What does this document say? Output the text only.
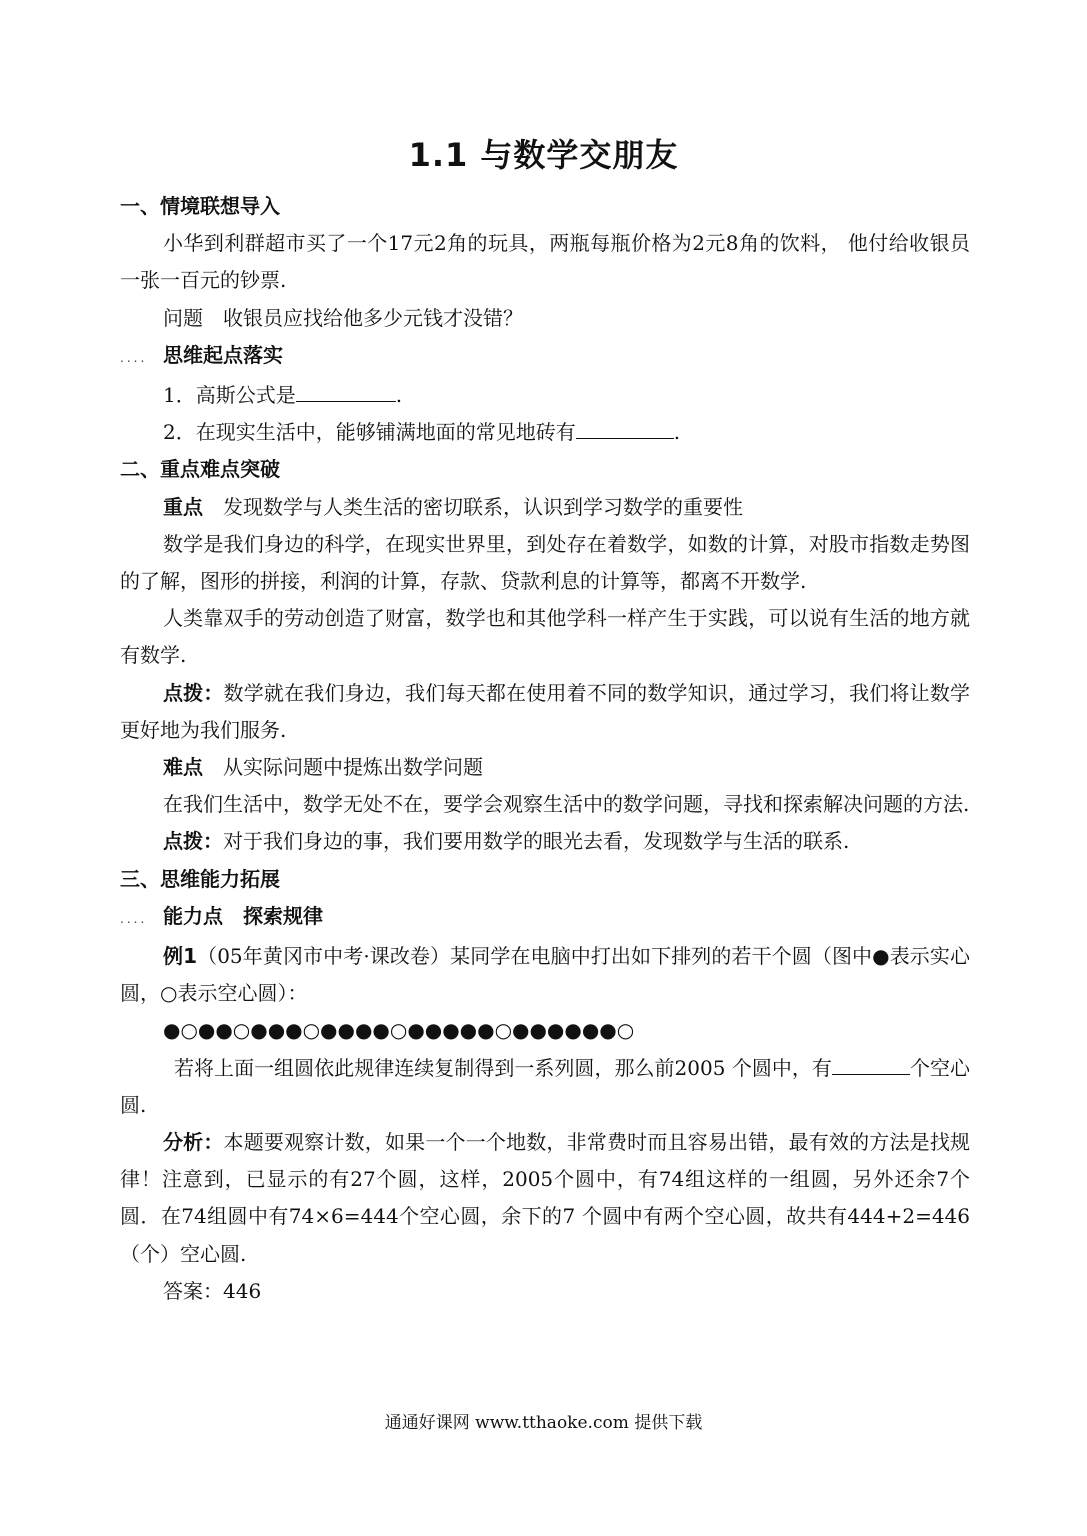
1.1 与数学交朋友

一、情境联想导入

小华到利群超市买了一个17元2角的玩具，两瓶每瓶价格为2元8角的饮料， 他付给收银员一张一百元的钞票.

问题　收银员应找给他多少元钱才没错？

.... 思维起点落实

1．高斯公式是	.

2．在现实生活中，能够铺满地面的常见地砖有	.

二、重点难点突破

重点　发现数学与人类生活的密切联系，认识到学习数学的重要性

数学是我们身边的科学，在现实世界里，到处存在着数学，如数的计算，对股市指数走势图的了解，图形的拼接，利润的计算，存款、贷款利息的计算等，都离不开数学.

人类靠双手的劳动创造了财富，数学也和其他学科一样产生于实践，可以说有生活的地方就有数学.

点拨：数学就在我们身边，我们每天都在使用着不同的数学知识，通过学习，我们将让数学更好地为我们服务.

难点　从实际问题中提炼出数学问题

在我们生活中，数学无处不在，要学会观察生活中的数学问题，寻找和探索解决问题的方法.

点拨：对于我们身边的事，我们要用数学的眼光去看，发现数学与生活的联系.

三、思维能力拓展

.... 能力点　探索规律

例1（05年黄冈市中考·课改卷）某同学在电脑中打出如下排列的若干个圆（图中●表示实心圆，○表示空心圆）：

●○●●○●●●○●●●●○●●●●●○●●●●●●○

若将上面一组圆依此规律连续复制得到一系列圆，那么前2005 个圆中，有	个空心圆.

分析：本题要观察计数，如果一个一个地数，非常费时而且容易出错，最有效的方法是找规律！注意到，已显示的有27个圆，这样，2005个圆中，有74组这样的一组圆，另外还余7个圆．在74组圆中有74×6=444个空心圆，余下的7 个圆中有两个空心圆，故共有444+2=446（个）空心圆.

答案：446

通通好课网 www.tthaoke.com 提供下载
